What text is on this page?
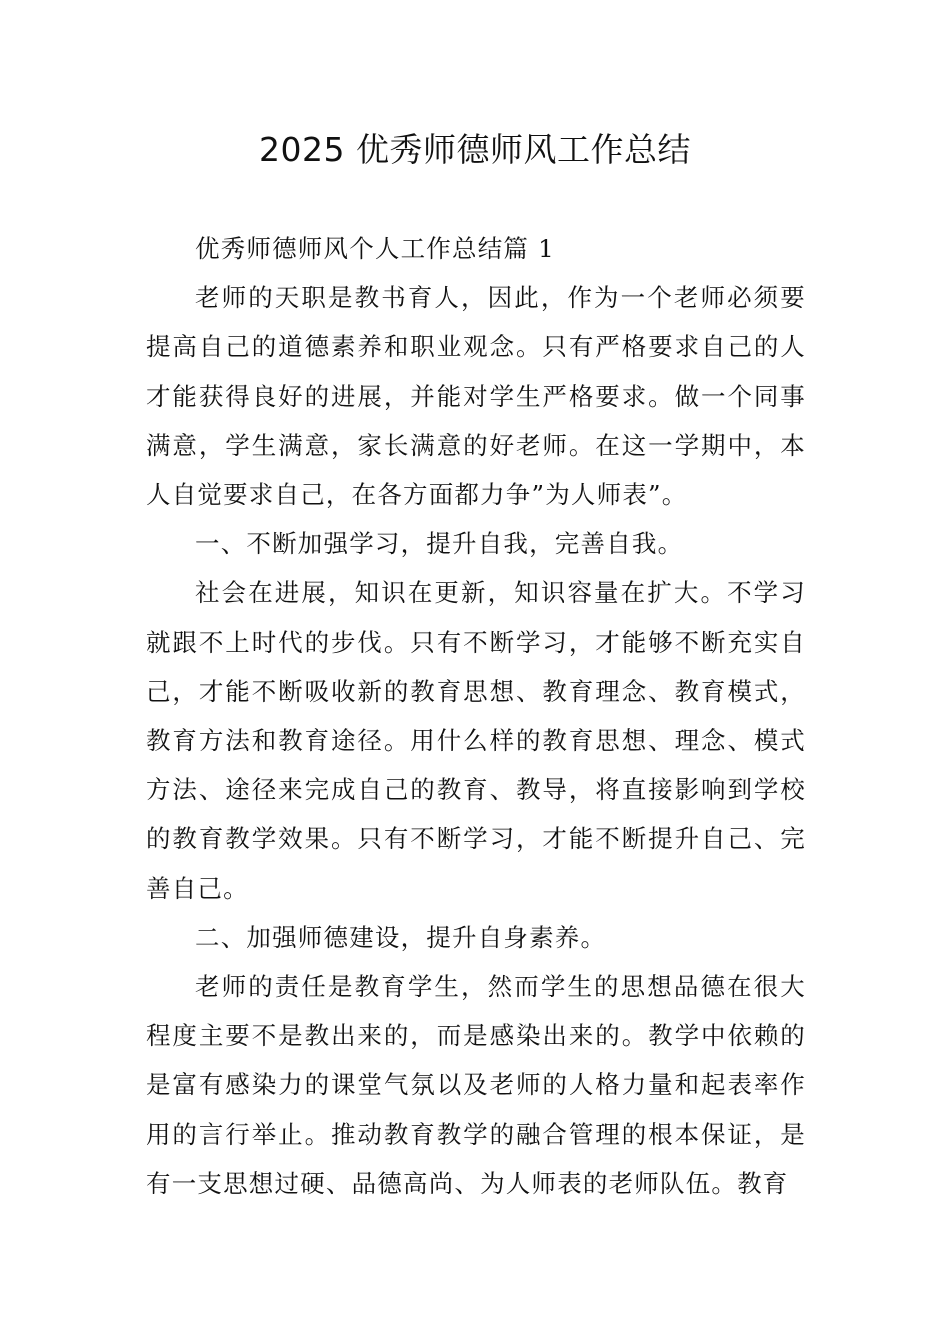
2025 优秀师德师风工作总结

优秀师德师风个人工作总结篇 1

老师的天职是教书育人，因此，作为一个老师必须要提高自己的道德素养和职业观念。只有严格要求自己的人才能获得良好的进展，并能对学生严格要求。做一个同事满意，学生满意，家长满意的好老师。在这一学期中，本人自觉要求自己，在各方面都力争”为人师表”。

一、不断加强学习，提升自我，完善自我。

社会在进展，知识在更新，知识容量在扩大。不学习就跟不上时代的步伐。只有不断学习，才能够不断充实自己，才能不断吸收新的教育思想、教育理念、教育模式，教育方法和教育途径。用什么样的教育思想、理念、模式方法、途径来完成自己的教育、教导，将直接影响到学校的教育教学效果。只有不断学习，才能不断提升自己、完善自己。

二、加强师德建设，提升自身素养。

老师的责任是教育学生，然而学生的思想品德在很大程度主要不是教出来的，而是感染出来的。教学中依赖的是富有感染力的课堂气氛以及老师的人格力量和起表率作用的言行举止。推动教育教学的融合管理的根本保证，是有一支思想过硬、品德高尚、为人师表的老师队伍。教育
